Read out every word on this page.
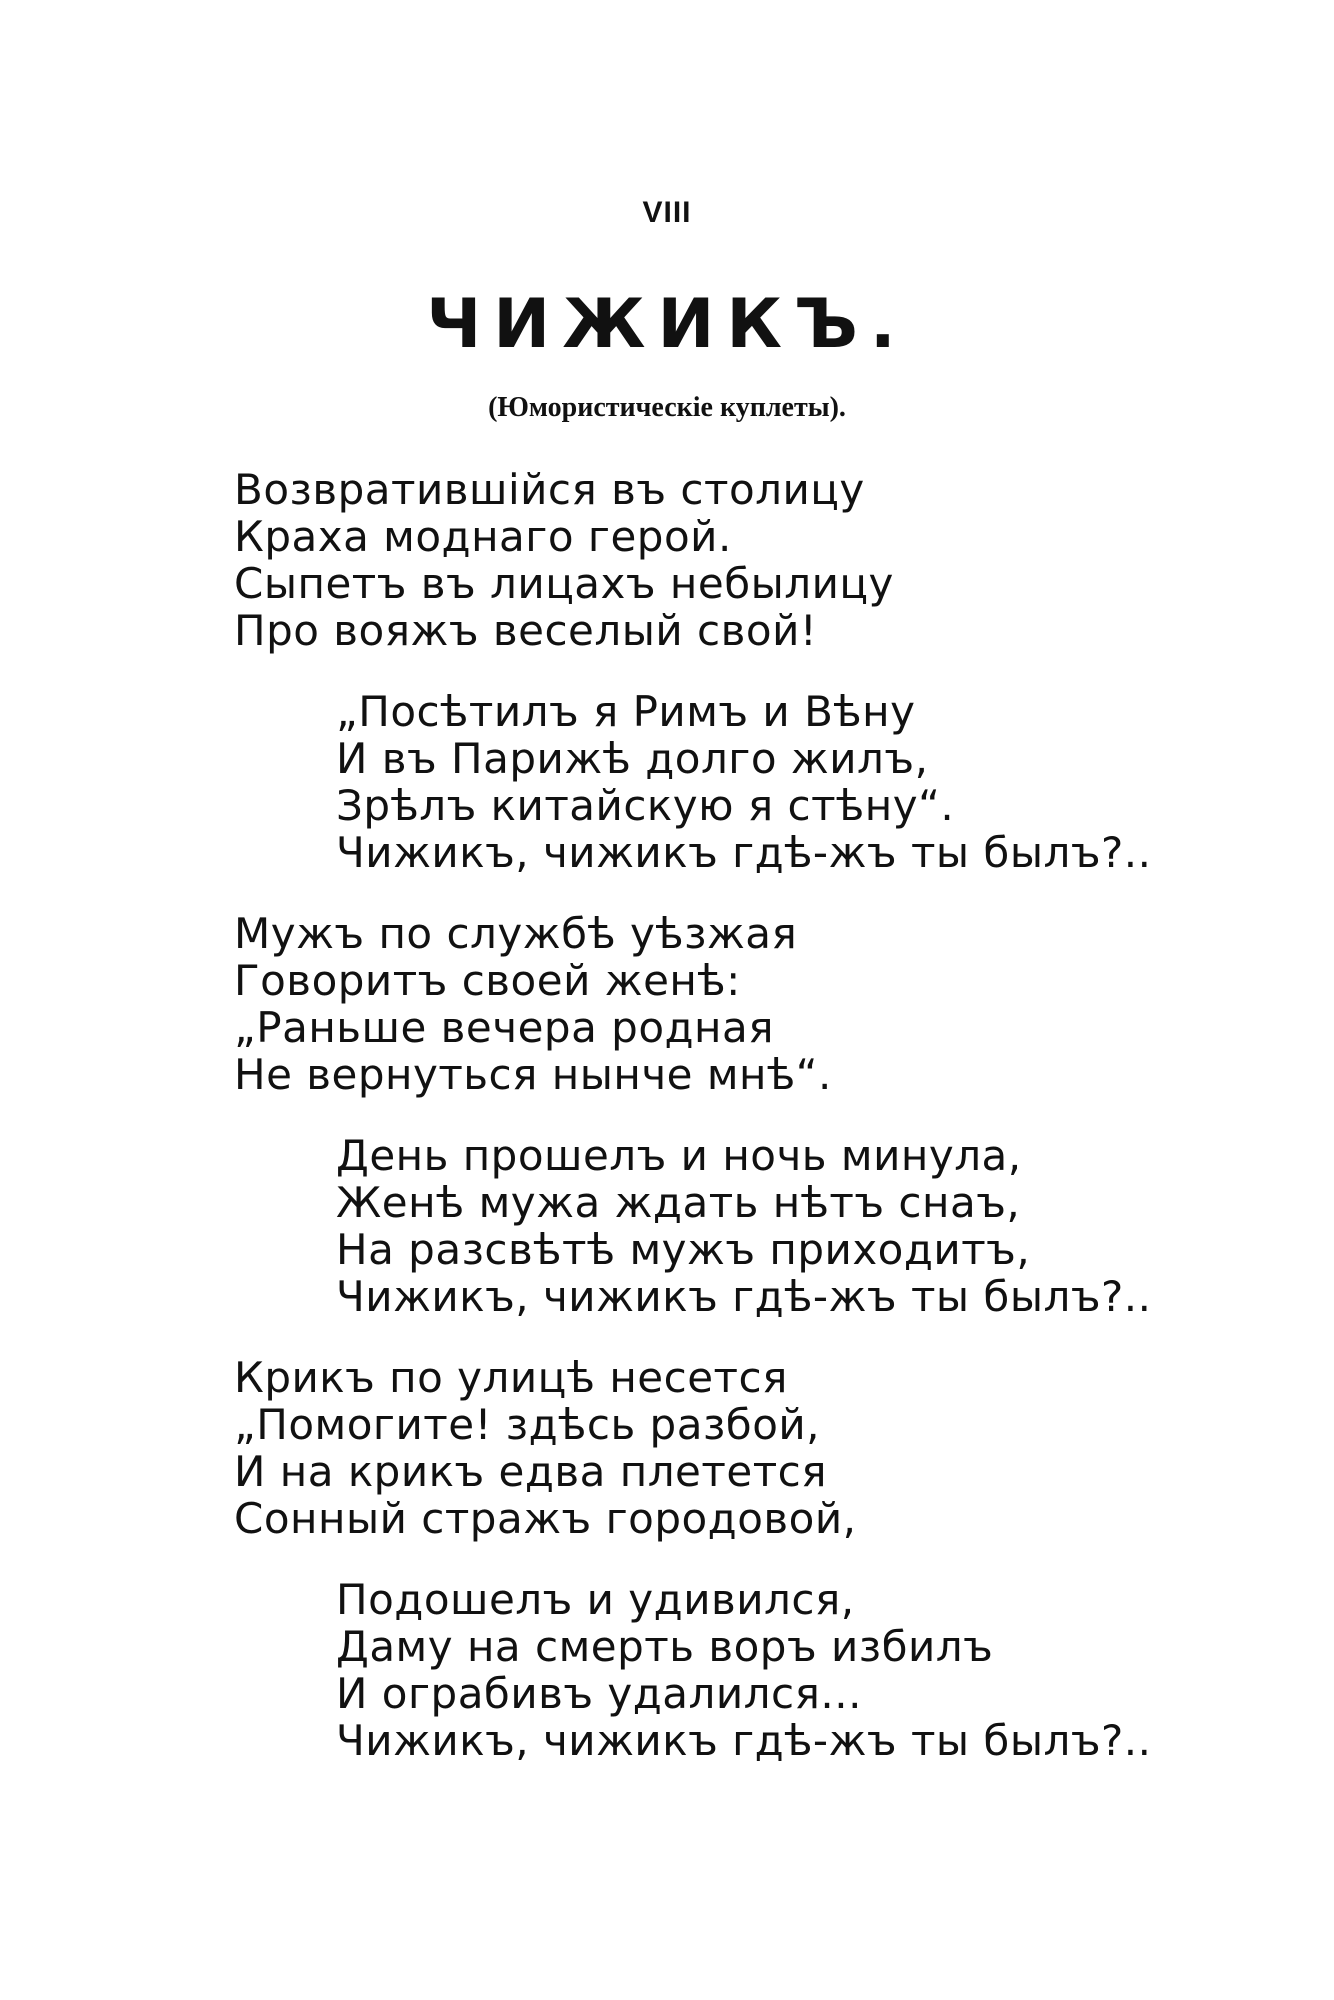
VIII
ЧИЖИКЪ.
(Юмористическіе куплеты).
Возвратившійся въ столицу
Краха моднаго герой.
Сыпетъ въ лицахъ небылицу
Про вояжъ веселый свой!
„Посѣтилъ я Римъ и Вѣну
И въ Парижѣ долго жилъ,
Зрѣлъ китайскую я стѣну“.
Чижикъ, чижикъ гдѣ-жъ ты былъ?..
Мужъ по службѣ уѣзжая
Говоритъ своей женѣ:
„Раньше вечера родная
Не вернуться нынче мнѣ“.
День прошелъ и ночь минула,
Женѣ мужа ждать нѣтъ снаъ,
На разсвѣтѣ мужъ приходитъ,
Чижикъ, чижикъ гдѣ-жъ ты былъ?..
Крикъ по улицѣ несется
„Помогите! здѣсь разбой,
И на крикъ едва плетется
Сонный стражъ городовой,
Подошелъ и удивился,
Даму на смерть воръ избилъ
И ограбивъ удалился...
Чижикъ, чижикъ гдѣ-жъ ты былъ?..
